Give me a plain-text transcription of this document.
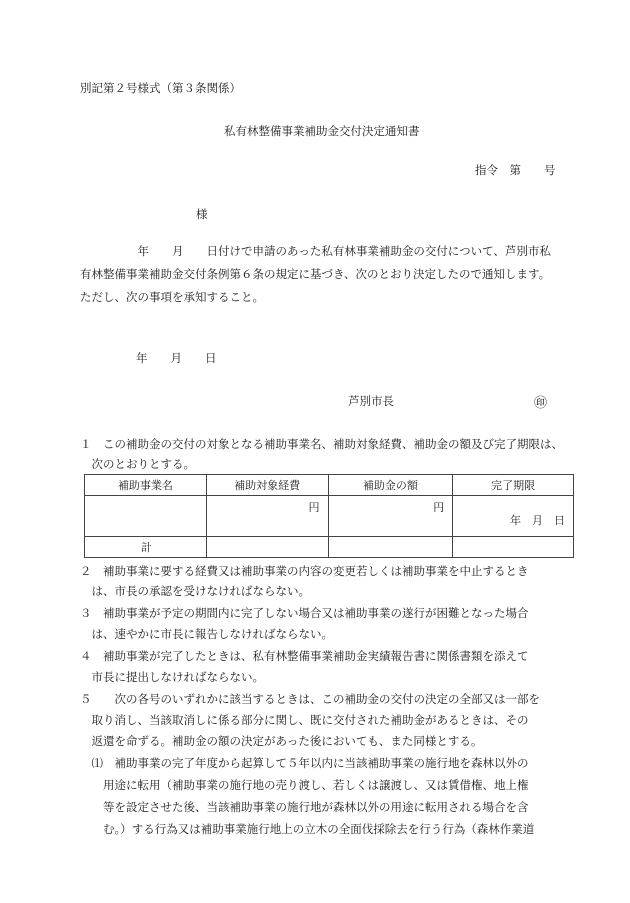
別記第２号様式（第３条関係）
私有林整備事業補助金交付決定通知書
指令　第　　号
様
　　　　　年　　月　　日付けで申請のあった私有林事業補助金の交付について、芦別市私
有林整備事業補助金交付条例第６条の規定に基づき、次のとおり決定したので通知します。
ただし、次の事項を承知すること。
年　　月　　日
芦別市長	㊞
１　この補助金の交付の対象となる補助事業名、補助対象経費、補助金の額及び完了期限は、
　次のとおりとする。
補助事業名	補助対象経費	補助金の額	完了期限

	円	円	年　月　日

計			
２　補助事業に要する経費又は補助事業の内容の変更若しくは補助事業を中止するとき
　は、市長の承認を受けなければならない。
３　補助事業が予定の期間内に完了しない場合又は補助事業の遂行が困難となった場合
　は、速やかに市長に報告しなければならない。
４　補助事業が完了したときは、私有林整備事業補助金実績報告書に関係書類を添えて
　市長に提出しなければならない。
５　　次の各号のいずれかに該当するときは、この補助金の交付の決定の全部又は一部を
　取り消し、当該取消しに係る部分に関し、既に交付された補助金があるときは、その
　返還を命ずる。補助金の額の決定があった後においても、また同様とする。
　⑴　補助事業の完了年度から起算して５年以内に当該補助事業の施行地を森林以外の
　　用途に転用（補助事業の施行地の売り渡し、若しくは譲渡し、又は賃借権、地上権
　　等を設定させた後、当該補助事業の施行地が森林以外の用途に転用される場合を含
　　む。）する行為又は補助事業施行地上の立木の全面伐採除去を行う行為（森林作業道
